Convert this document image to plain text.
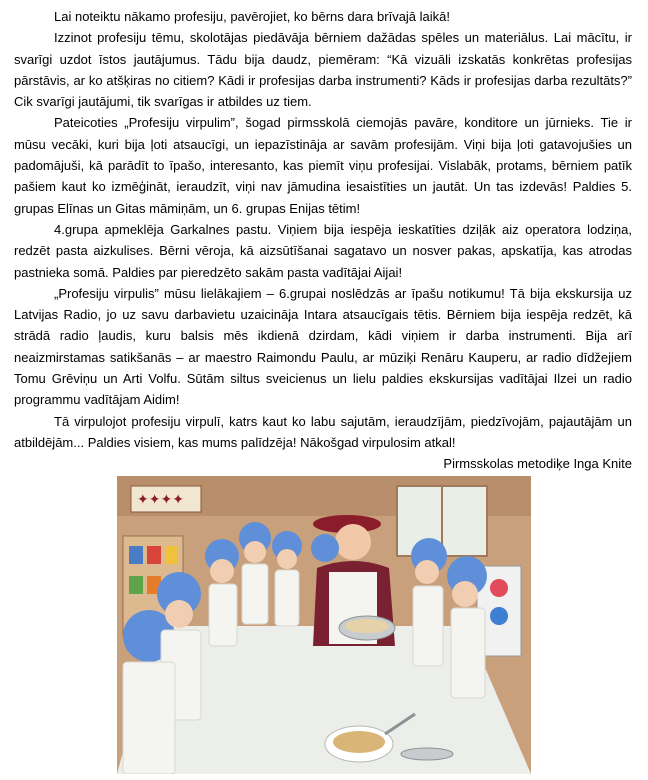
Lai noteiktu nākamo profesiju, pavērojiet, ko bērns dara brīvajā laikā!

Izzinot profesiju tēmu, skolotājas piedāvāja bērniem dažādas spēles un materiālus. Lai mācītu, ir svarīgi uzdot īstos jautājumus. Tādu bija daudz, piemēram: “Kā vizuāli izskatās konkrētas profesijas pārstāvis, ar ko atšķiras no citiem? Kādi ir profesijas darba instrumenti? Kāds ir profesijas darba rezultāts?” Cik svarīgi jautājumi, tik svarīgas ir atbildes uz tiem.

Pateicoties „Profesiju virpulim”, šogad pirmsskolā ciemojās pavāre, konditore un jūrnieks. Tie ir mūsu vecāki, kuri bija ļoti atsaucīgi, un iepazīstināja ar savām profesijām. Viņi bija ļoti gatavojušies un padomājuši, kā parādīt to īpašo, interesanto, kas piemīt viņu profesijai. Vislabāk, protams, bērniem patīk pašiem kaut ko izmēģināt, ieraudzīt, viņi nav jāmudina iesaistīties un jautāt. Un tas izdevās! Paldies 5. grupas Elīnas un Gitas māmiņām, un 6. grupas Enijas tētim!

4.grupa apmeklēja Garkalnes pastu. Viņiem bija iespēja ieskatīties dziļāk aiz operatora lodziņa, redzēt pasta aizkulises. Bērni vēroja, kā aizsūtīšanai sagatavo un nosver pakas, apskatīja, kas atrodas pastnieka somā. Paldies par pieredzēto sakām pasta vadītājai Aijai!

„Profesiju virpulis” mūsu lielākajiem – 6.grupai noslēdzās ar īpašu notikumu! Tā bija ekskursija uz Latvijas Radio, jo uz savu darbavietu uzaicināja Intara atsaucīgais tētis. Bērniem bija iespēja redzēt, kā strādā radio ļaudis, kuru balsis mēs ikdienā dzirdam, kādi viņiem ir darba instrumenti. Bija arī neaizmirstamas satikšanās – ar maestro Raimondu Paulu, ar mūziķi Renāru Kauperu, ar radio dīdžejiem Tomu Grēviņu un Arti Volfu. Sūtām siltus sveicienus un lielu paldies ekskursijas vadītājai Ilzei un radio programmu vadītājam Aidim!

Tā virpulojot profesiju virpulī, katrs kaut ko labu sajutām, ieraudzījām, piedzīvojām, pajautājām un atbildējām... Paldies visiem, kas mums palīdzēja! Nākošgad virpulosim atkal!

Pirmsskolas metodiķe Inga Knite

✦✦✦✦
